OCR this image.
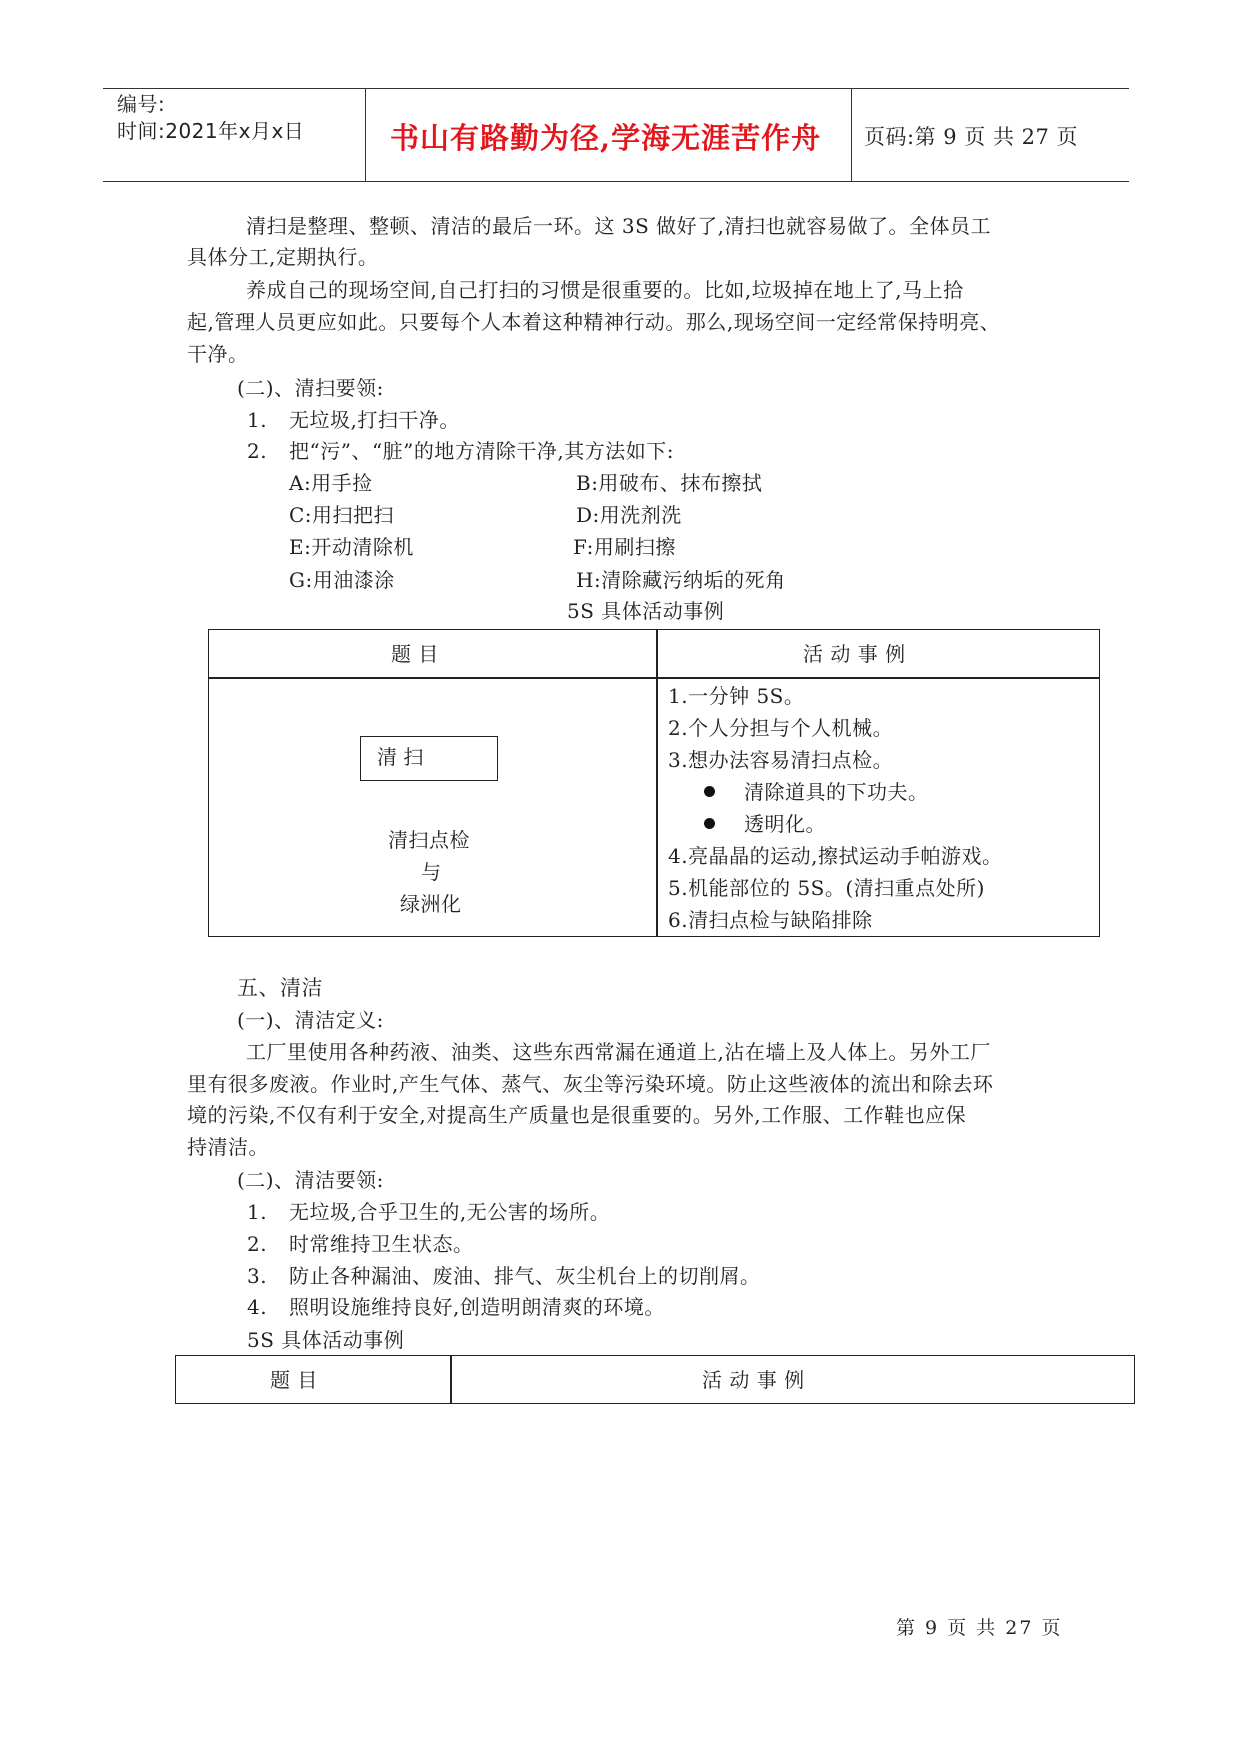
编号:
时间:2021年x月x日	书山有路勤为径,学海无涯苦作舟 页码:第 9 页 共 27 页
清扫是整理、整顿、清洁的最后一环。这 3S 做好了,清扫也就容易做了。全体员工
具体分工,定期执行。
养成自己的现场空间,自己打扫的习惯是很重要的。比如,垃圾掉在地上了,马上拾
起,管理人员更应如此。只要每个人本着这种精神行动。那么,现场空间一定经常保持明亮、
干净。
(二)、清扫要领:
1. 无垃圾,打扫干净。
2. 把“污”、“脏”的地方清除干净,其方法如下:
A:用手捡	B:用破布、抹布擦拭
C:用扫把扫	D:用洗剂洗
E:开动清除机	F:用刷扫擦
G:用油漆涂	H:清除藏污纳垢的死角
5S 具体活动事例
题 目	活 动 事 例
清 扫
清扫点检
与
绿洲化
1.一分钟 5S。
2.个人分担与个人机械。
3.想办法容易清扫点检。
清除道具的下功夫。
透明化。
4.亮晶晶的运动,擦拭运动手帕游戏。
5.机能部位的 5S。(清扫重点处所)
6.清扫点检与缺陷排除
五、清洁
(一)、清洁定义:
工厂里使用各种药液、油类、这些东西常漏在通道上,沾在墙上及人体上。另外工厂
里有很多废液。作业时,产生气体、蒸气、灰尘等污染环境。防止这些液体的流出和除去环
境的污染,不仅有利于安全,对提高生产质量也是很重要的。另外,工作服、工作鞋也应保
持清洁。
(二)、清洁要领:
1. 无垃圾,合乎卫生的,无公害的场所。
2. 时常维持卫生状态。
3. 防止各种漏油、废油、排气、灰尘机台上的切削屑。
4. 照明设施维持良好,创造明朗清爽的环境。
5S 具体活动事例
题 目	活 动 事 例
第 9 页 共 27 页
